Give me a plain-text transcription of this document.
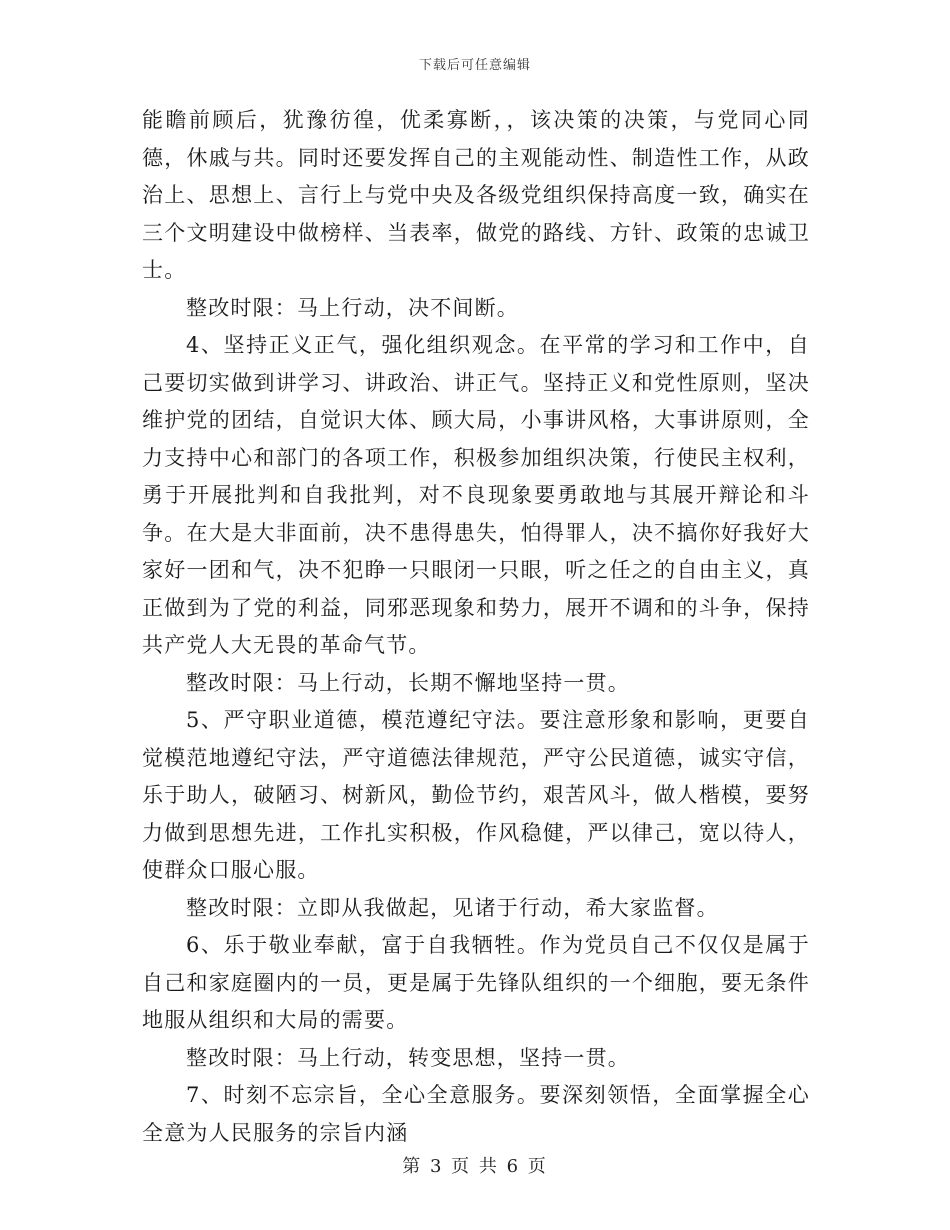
下载后可任意编辑

能瞻前顾后，犹豫彷徨，优柔寡断，，该决策的决策，与党同心同德，休戚与共。同时还要发挥自己的主观能动性、制造性工作，从政治上、思想上、言行上与党中央及各级党组织保持高度一致，确实在三个文明建设中做榜样、当表率，做党的路线、方针、政策的忠诚卫士。

整改时限：马上行动，决不间断。

4、坚持正义正气，强化组织观念。在平常的学习和工作中，自己要切实做到讲学习、讲政治、讲正气。坚持正义和党性原则，坚决维护党的团结，自觉识大体、顾大局，小事讲风格，大事讲原则，全力支持中心和部门的各项工作，积极参加组织决策，行使民主权利，勇于开展批判和自我批判，对不良现象要勇敢地与其展开辩论和斗争。在大是大非面前，决不患得患失，怕得罪人，决不搞你好我好大家好一团和气，决不犯睁一只眼闭一只眼，听之任之的自由主义，真正做到为了党的利益，同邪恶现象和势力，展开不调和的斗争，保持共产党人大无畏的革命气节。

整改时限：马上行动，长期不懈地坚持一贯。

5、严守职业道德，模范遵纪守法。要注意形象和影响，更要自觉模范地遵纪守法，严守道德法律规范，严守公民道德，诚实守信，乐于助人，破陋习、树新风，勤俭节约，艰苦风斗，做人楷模，要努力做到思想先进，工作扎实积极，作风稳健，严以律己，宽以待人，使群众口服心服。

整改时限：立即从我做起，见诸于行动，希大家监督。

6、乐于敬业奉献，富于自我牺牲。作为党员自己不仅仅是属于自己和家庭圈内的一员，更是属于先锋队组织的一个细胞，要无条件地服从组织和大局的需要。

整改时限：马上行动，转变思想，坚持一贯。

7、时刻不忘宗旨，全心全意服务。要深刻领悟，全面掌握全心全意为人民服务的宗旨内涵

第 3 页 共 6 页
